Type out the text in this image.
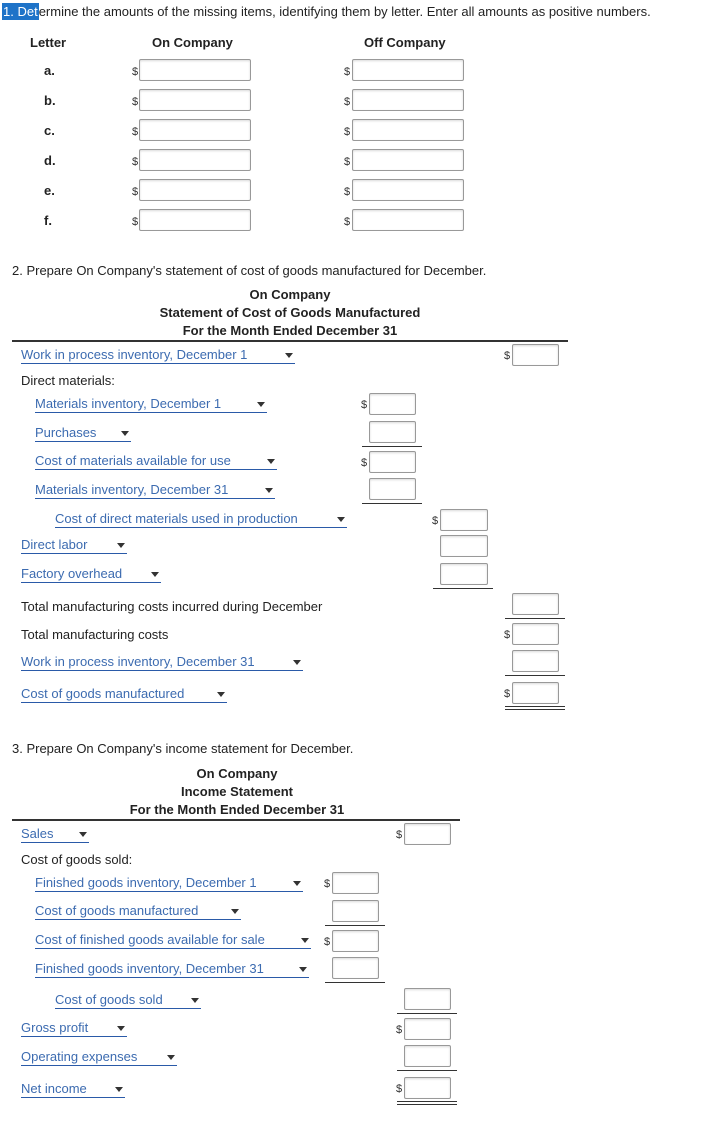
1. Determine the amounts of the missing items, identifying them by letter. Enter all amounts as positive numbers.
Letter	On Company	Off Company
a.	$	$
b.	$	$
c.	$	$
d.	$	$
e.	$	$
f.	$	$
2. Prepare On Company's statement of cost of goods manufactured for December.
On Company
Statement of Cost of Goods Manufactured
For the Month Ended December 31
Work in process inventory, December 1	$
Direct materials:
Materials inventory, December 1	$
Purchases
Cost of materials available for use	$
Materials inventory, December 31
Cost of direct materials used in production	$
Direct labor
Factory overhead
Total manufacturing costs incurred during December
Total manufacturing costs	$
Work in process inventory, December 31
Cost of goods manufactured	$
3. Prepare On Company's income statement for December.
On Company
Income Statement
For the Month Ended December 31
Sales	$
Cost of goods sold:
Finished goods inventory, December 1	$
Cost of goods manufactured
Cost of finished goods available for sale	$
Finished goods inventory, December 31
Cost of goods sold
Gross profit	$
Operating expenses
Net income	$
